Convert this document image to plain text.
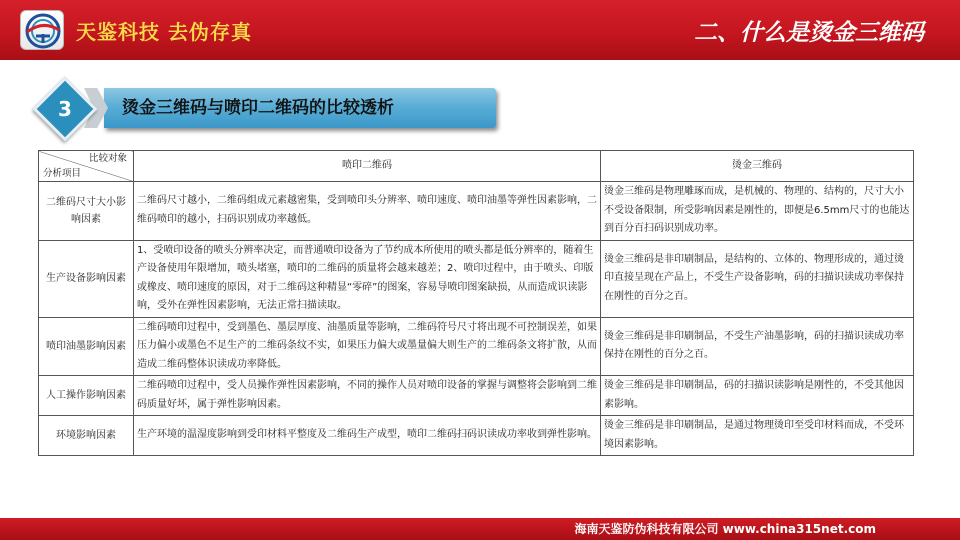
天鉴科技 去伪存真	二、什么是烫金三维码
烫金三维码与喷印二维码的比较透析
3
比较对象
分析项目	喷印二维码	烫金三维码
二维码尺寸大小影响因素	二维码尺寸越小，二维码组成元素越密集，受到喷印头分辨率、喷印速度、喷印油墨等弹性因素影响，二维码喷印的越小，扫码识别成功率越低。	烫金三维码是物理雕琢而成，是机械的、物理的、结构的，尺寸大小不受设备限制，所受影响因素是刚性的，即便是6.5mm尺寸的也能达到百分百扫码识别成功率。
生产设备影响因素	1、受喷印设备的喷头分辨率决定，而普通喷印设备为了节约成本所使用的喷头都是低分辨率的，随着生产设备使用年限增加，喷头堵塞，喷印的二维码的质量将会越来越差；2、喷印过程中，由于喷头、印版或橡皮、喷印速度的原因，对于二维码这种精显“零碎”的图案，容易导喷印图案缺损，从而造成识读影响，受外在弹性因素影响，无法正常扫描读取。	烫金三维码是非印刷制品，是结构的、立体的、物理形成的，通过烫印直接呈现在产品上，不受生产设备影响，码的扫描识读成功率保持在刚性的百分之百。
喷印油墨影响因素	二维码喷印过程中，受到墨色、墨层厚度、油墨质量等影响，二维码符号尺寸将出现不可控制误差，如果压力偏小或墨色不足生产的二维码条纹不实，如果压力偏大或墨量偏大则生产的二维码条文将扩散，从而造成二维码整体识读成功率降低。	烫金三维码是非印刷制品，不受生产油墨影响，码的扫描识读成功率保持在刚性的百分之百。
人工操作影响因素	二维码喷印过程中，受人员操作弹性因素影响，不同的操作人员对喷印设备的掌握与调整将会影响到二维码质量好坏，属于弹性影响因素。	烫金三维码是非印刷制品，码的扫描识读影响是刚性的，不受其他因素影响。
环境影响因素	生产环境的温湿度影响到受印材料平整度及二维码生产成型，喷印二维码扫码识读成功率收到弹性影响。	烫金三维码是非印刷制品，是通过物理烫印至受印材料而成，不受环境因素影响。
海南天鉴防伪科技有限公司 www.china315net.com
